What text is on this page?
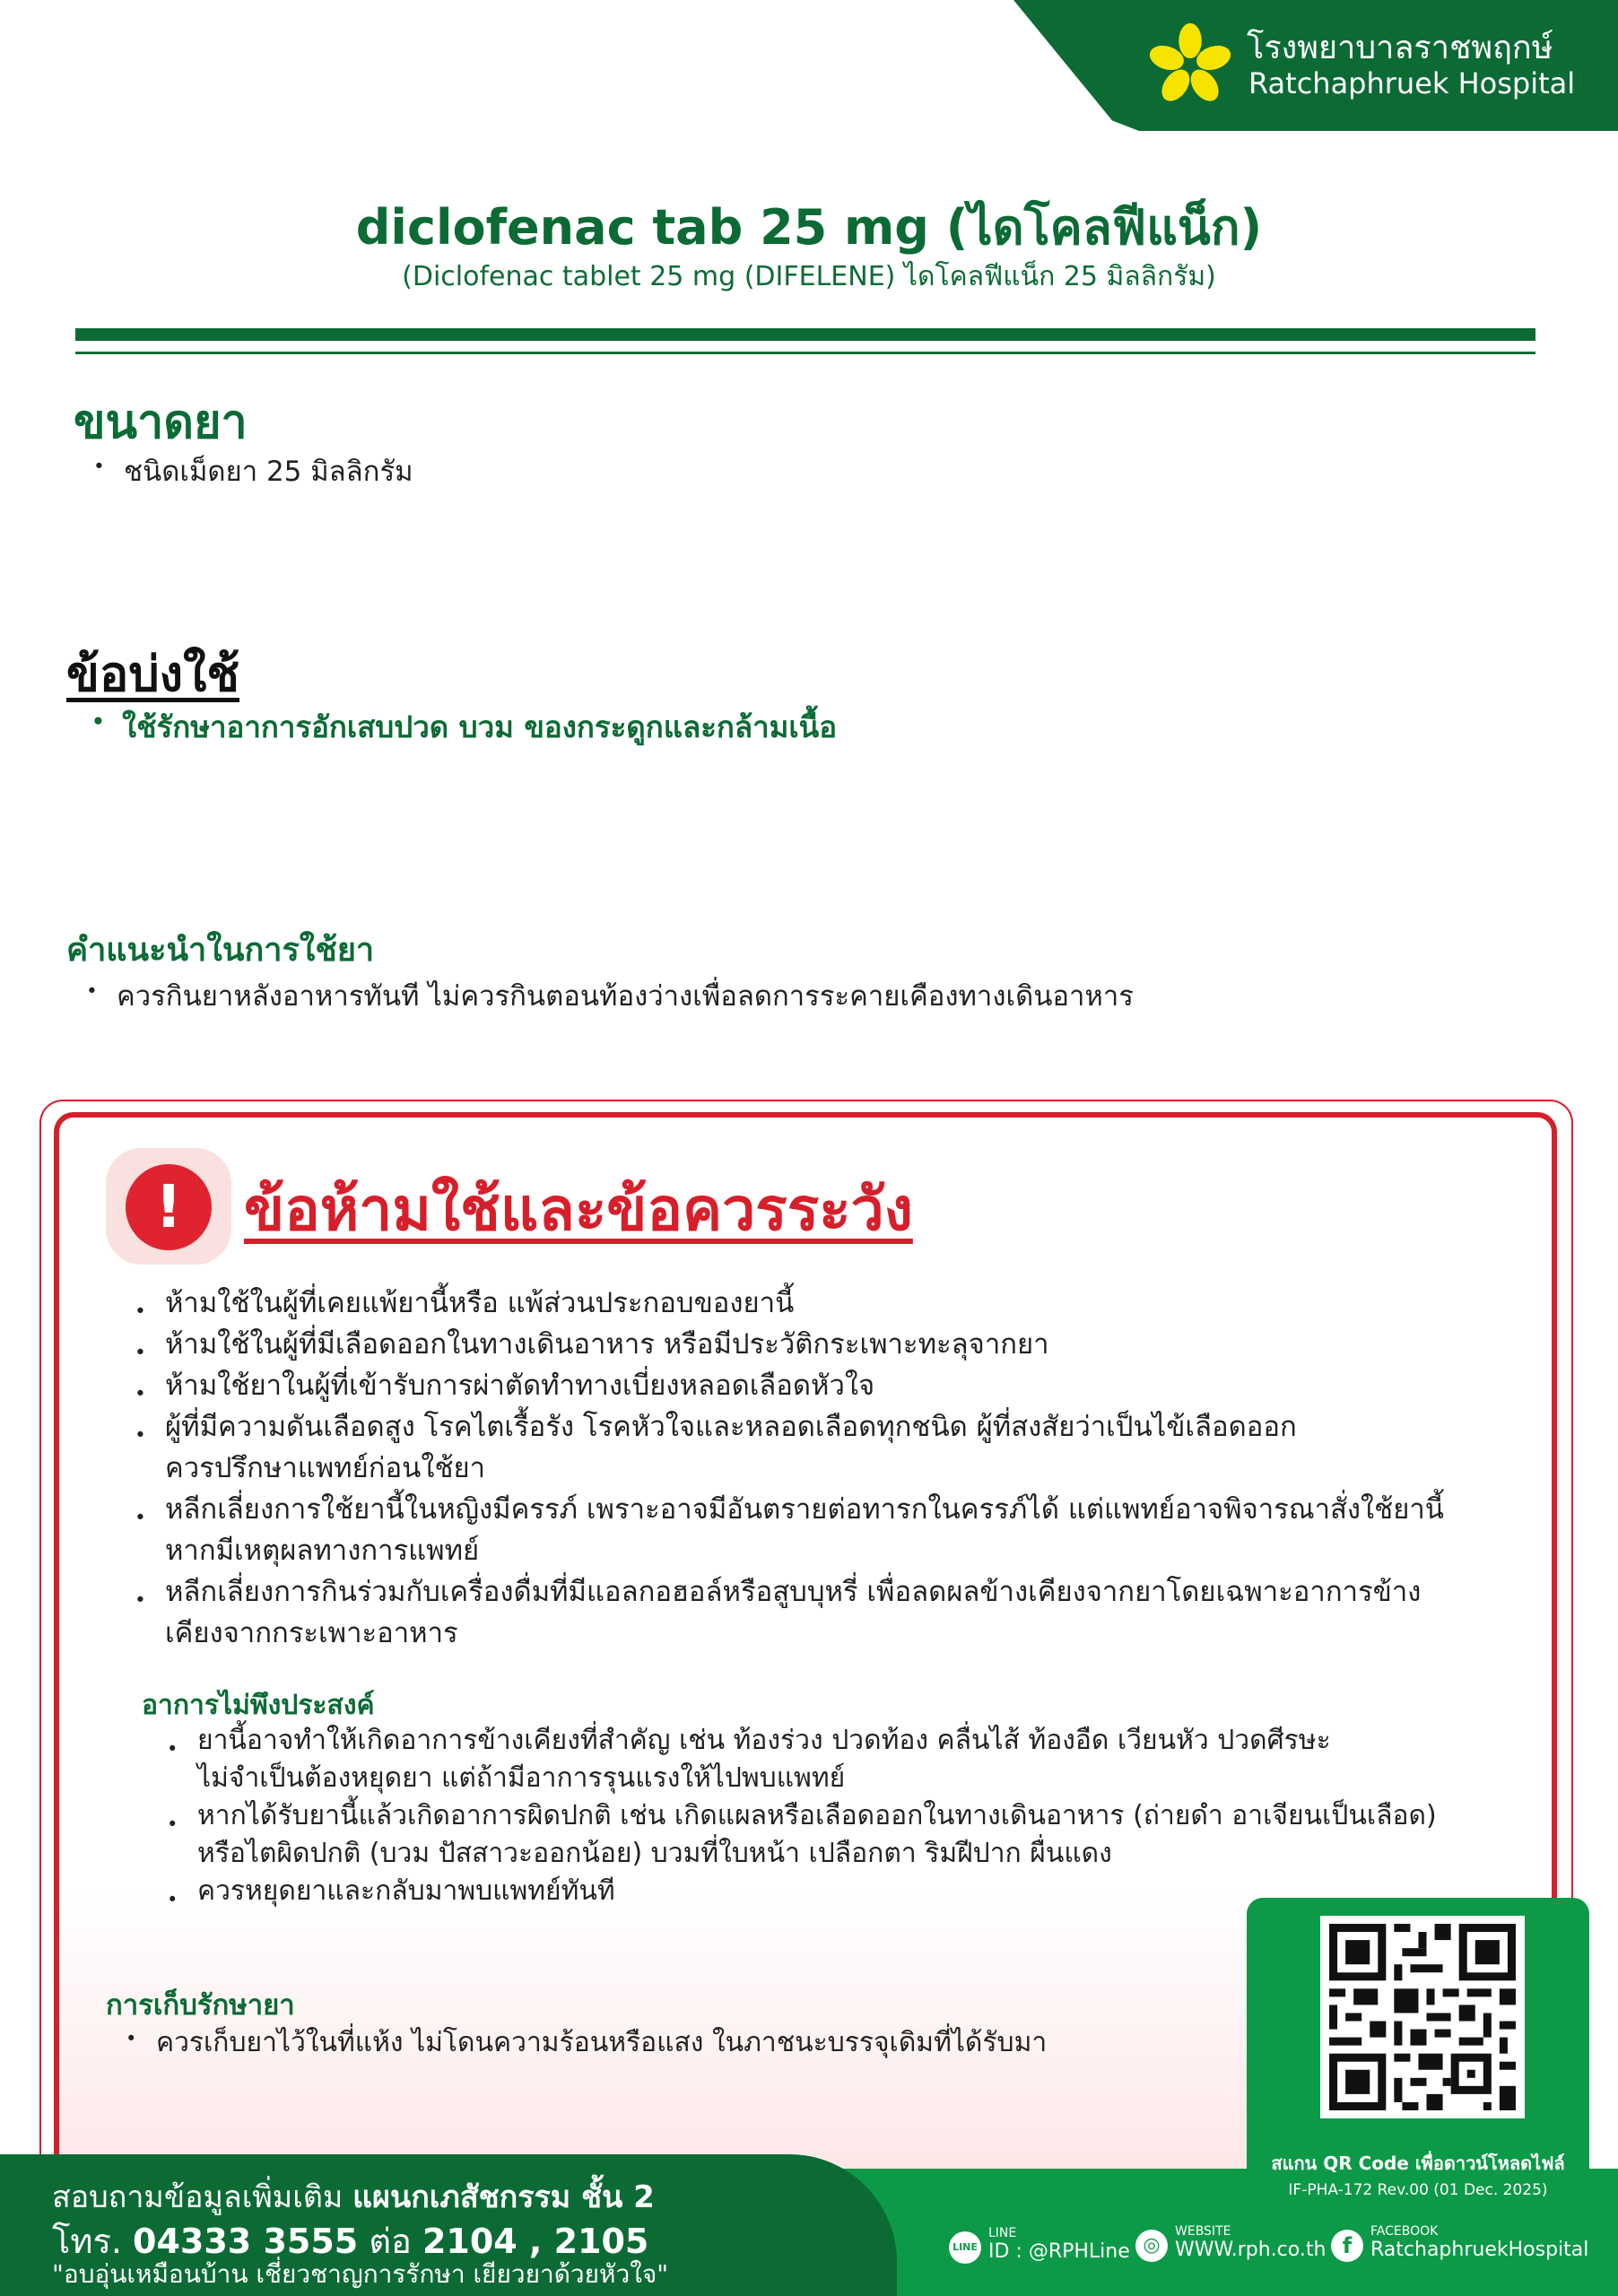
โรงพยาบาลราชพฤกษ์
Ratchaphruek Hospital
diclofenac tab 25 mg (ไดโคลฟีแน็ก)
(Diclofenac tablet 25 mg (DIFELENE) ไดโคลฟีแน็ก 25 มิลลิกรัม)
ขนาดยา
• ชนิดเม็ดยา 25 มิลลิกรัม
ข้อบ่งใช้
• ใช้รักษาอาการอักเสบปวด บวม ของกระดูกและกล้ามเนื้อ
คำแนะนำในการใช้ยา
• ควรกินยาหลังอาหารทันที ไม่ควรกินตอนท้องว่างเพื่อลดการระคายเคืองทางเดินอาหาร
!	ข้อห้ามใช้และข้อควรระวัง
• ห้ามใช้ในผู้ที่เคยแพ้ยานี้หรือ แพ้ส่วนประกอบของยานี้
• ห้ามใช้ในผู้ที่มีเลือดออกในทางเดินอาหาร หรือมีประวัติกระเพาะทะลุจากยา
• ห้ามใช้ยาในผู้ที่เข้ารับการผ่าตัดทำทางเบี่ยงหลอดเลือดหัวใจ
• ผู้ที่มีความดันเลือดสูง โรคไตเรื้อรัง โรคหัวใจและหลอดเลือดทุกชนิด ผู้ที่สงสัยว่าเป็นไข้เลือดออก
ควรปรึกษาแพทย์ก่อนใช้ยา
• หลีกเลี่ยงการใช้ยานี้ในหญิงมีครรภ์ เพราะอาจมีอันตรายต่อทารกในครรภ์ได้ แต่แพทย์อาจพิจารณาสั่งใช้ยานี้
หากมีเหตุผลทางการแพทย์
• หลีกเลี่ยงการกินร่วมกับเครื่องดื่มที่มีแอลกอฮอล์หรือสูบบุหรี่ เพื่อลดผลข้างเคียงจากยาโดยเฉพาะอาการข้าง
เคียงจากกระเพาะอาหาร
อาการไม่พึงประสงค์
• ยานี้อาจทำให้เกิดอาการข้างเคียงที่สำคัญ เช่น ท้องร่วง ปวดท้อง คลื่นไส้ ท้องอืด เวียนหัว ปวดศีรษะ
ไม่จำเป็นต้องหยุดยา แต่ถ้ามีอาการรุนแรงให้ไปพบแพทย์
• หากได้รับยานี้แล้วเกิดอาการผิดปกติ เช่น เกิดแผลหรือเลือดออกในทางเดินอาหาร (ถ่ายดำ อาเจียนเป็นเลือด)
หรือไตผิดปกติ (บวม ปัสสาวะออกน้อย) บวมที่ใบหน้า เปลือกตา ริมฝีปาก ผื่นแดง
• ควรหยุดยาและกลับมาพบแพทย์ทันที
การเก็บรักษายา
• ควรเก็บยาไว้ในที่แห้ง ไม่โดนความร้อนหรือแสง ในภาชนะบรรจุเดิมที่ได้รับมา
สอบถามข้อมูลเพิ่มเติม แผนกเภสัชกรรม ชั้น 2
โทร. 04333 3555 ต่อ 2104 , 2105
"อบอุ่นเหมือนบ้าน เชี่ยวชาญการรักษา เยียวยาด้วยหัวใจ"
LINE
LINE
ID : @RPHLine ◎
WEBSITE
WWW.rph.co.th f
FACEBOOK
RatchaphruekHospital
สแกน QR Code เพื่อดาวน์โหลดไฟล์
IF-PHA-172 Rev.00 (01 Dec. 2025)
